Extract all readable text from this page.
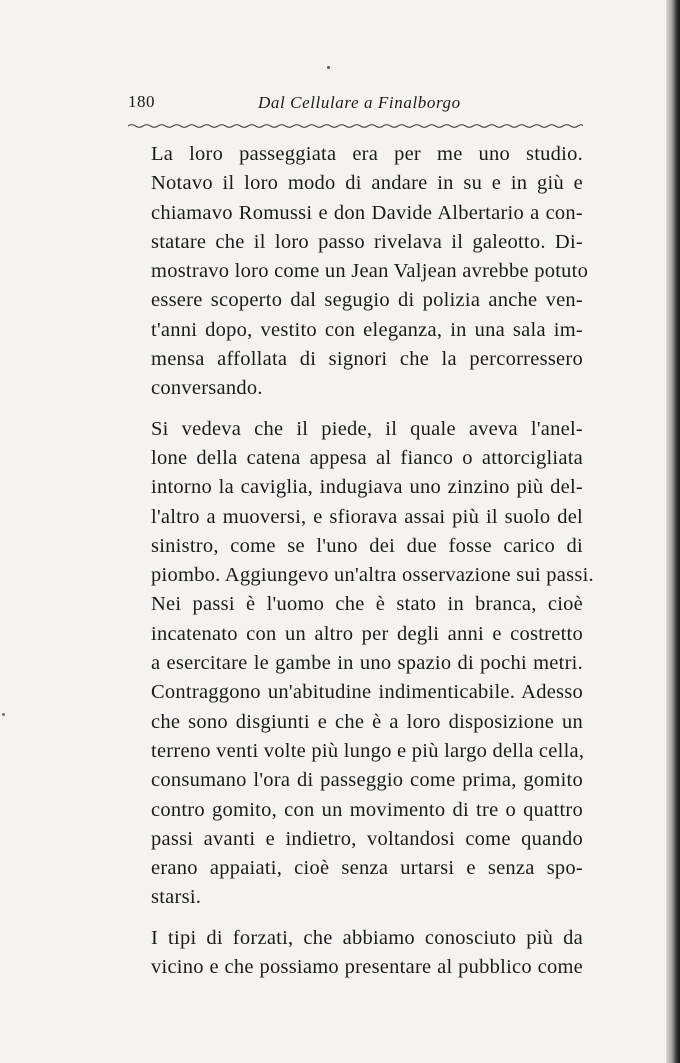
180	Dal Cellulare a Finalborgo

La loro passeggiata era per me uno studio.
Notavo il loro modo di andare in su e in giù e
chiamavo Romussi e don Davide Albertario a con-
statare che il loro passo rivelava il galeotto. Di-
mostravo loro come un Jean Valjean avrebbe potuto
essere scoperto dal segugio di polizia anche ven-
t'anni dopo, vestito con eleganza, in una sala im-
mensa affollata di signori che la percorressero
conversando.

Si vedeva che il piede, il quale aveva l'anel-
lone della catena appesa al fianco o attorcigliata
intorno la caviglia, indugiava uno zinzino più del-
l'altro a muoversi, e sfiorava assai più il suolo del
sinistro, come se l'uno dei due fosse carico di
piombo. Aggiungevo un'altra osservazione sui passi.
Nei passi è l'uomo che è stato in branca, cioè
incatenato con un altro per degli anni e costretto
a esercitare le gambe in uno spazio di pochi metri.
Contraggono un'abitudine indimenticabile. Adesso
che sono disgiunti e che è a loro disposizione un
terreno venti volte più lungo e più largo della cella,
consumano l'ora di passeggio come prima, gomito
contro gomito, con un movimento di tre o quattro
passi avanti e indietro, voltandosi come quando
erano appaiati, cioè senza urtarsi e senza spo-
starsi.

I tipi di forzati, che abbiamo conosciuto più da
vicino e che possiamo presentare al pubblico come
